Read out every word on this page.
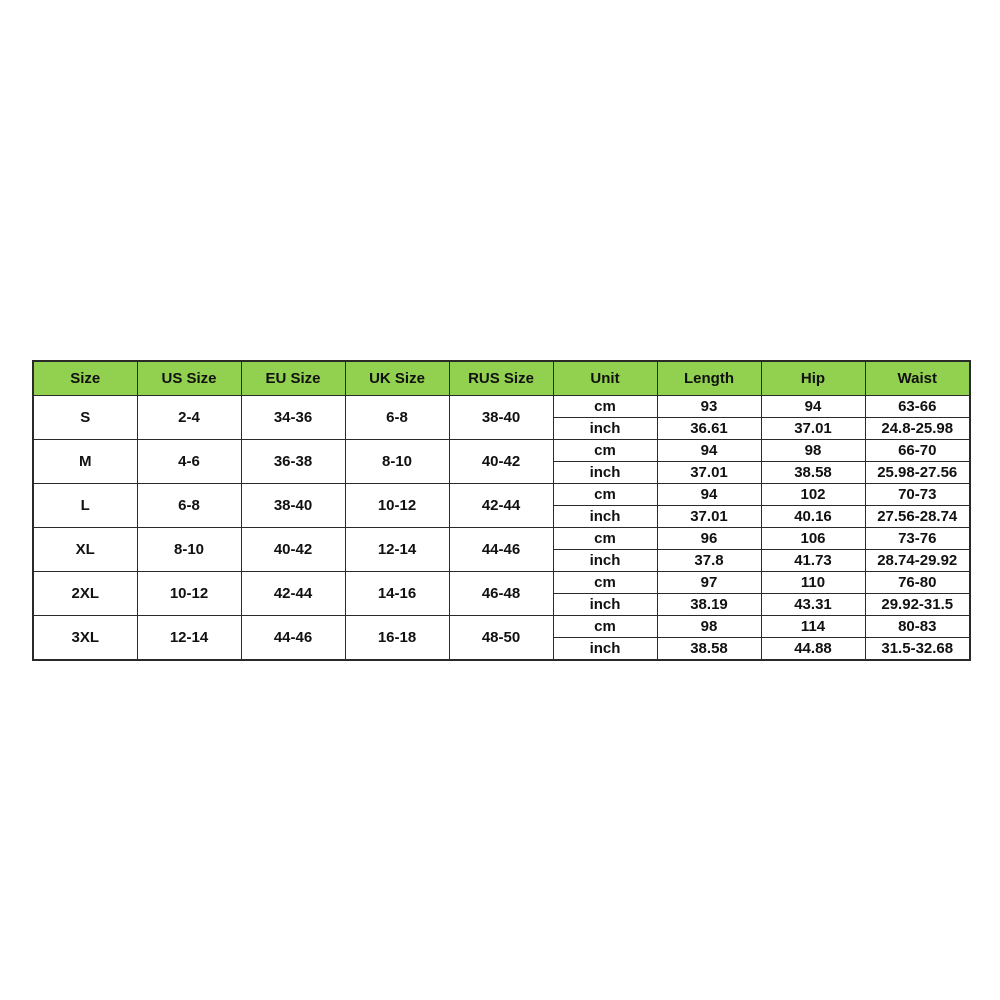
Size	US Size	EU Size	UK Size	RUS Size	Unit	Length	Hip	Waist
S	2-4	34-36	6-8	38-40	cm	93	94	63-66
					inch	36.61	37.01	24.8-25.98
M	4-6	36-38	8-10	40-42	cm	94	98	66-70
					inch	37.01	38.58	25.98-27.56
L	6-8	38-40	10-12	42-44	cm	94	102	70-73
					inch	37.01	40.16	27.56-28.74
XL	8-10	40-42	12-14	44-46	cm	96	106	73-76
					inch	37.8	41.73	28.74-29.92
2XL	10-12	42-44	14-16	46-48	cm	97	110	76-80
					inch	38.19	43.31	29.92-31.5
3XL	12-14	44-46	16-18	48-50	cm	98	114	80-83
					inch	38.58	44.88	31.5-32.68
